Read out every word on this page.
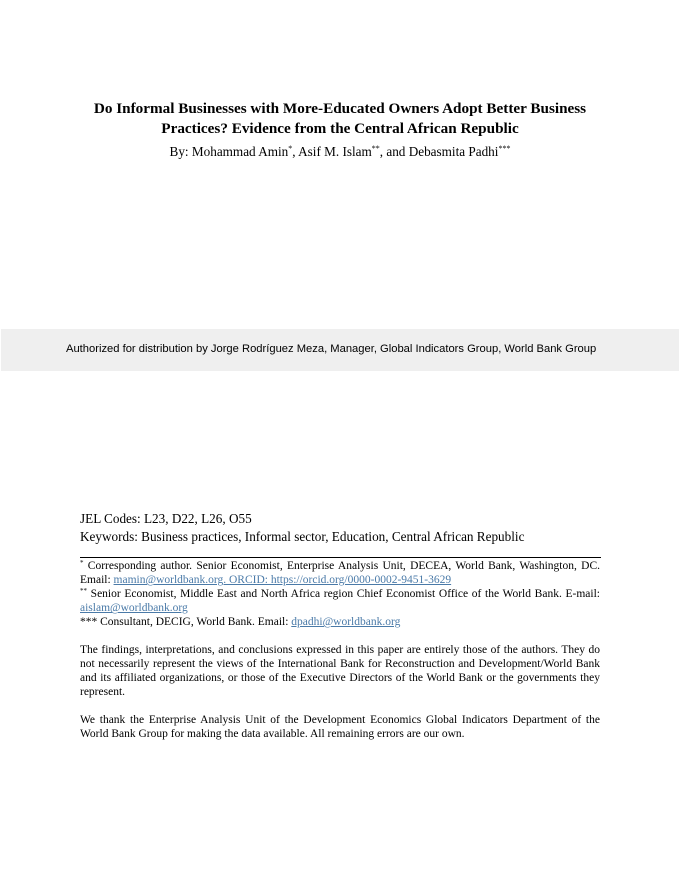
Do Informal Businesses with More-Educated Owners Adopt Better Business Practices? Evidence from the Central African Republic
By: Mohammad Amin*, Asif M. Islam**, and Debasmita Padhi***
Authorized for distribution by Jorge Rodríguez Meza, Manager, Global Indicators Group, World Bank Group
JEL Codes: L23, D22, L26, O55
Keywords: Business practices, Informal sector, Education, Central African Republic
* Corresponding author. Senior Economist, Enterprise Analysis Unit, DECEA, World Bank, Washington, DC. Email: mamin@worldbank.org. ORCID: https://orcid.org/0000-0002-9451-3629
** Senior Economist, Middle East and North Africa region Chief Economist Office of the World Bank. E-mail: aislam@worldbank.org
*** Consultant, DECIG, World Bank. Email: dpadhi@worldbank.org
The findings, interpretations, and conclusions expressed in this paper are entirely those of the authors. They do not necessarily represent the views of the International Bank for Reconstruction and Development/World Bank and its affiliated organizations, or those of the Executive Directors of the World Bank or the governments they represent.
We thank the Enterprise Analysis Unit of the Development Economics Global Indicators Department of the World Bank Group for making the data available. All remaining errors are our own.
